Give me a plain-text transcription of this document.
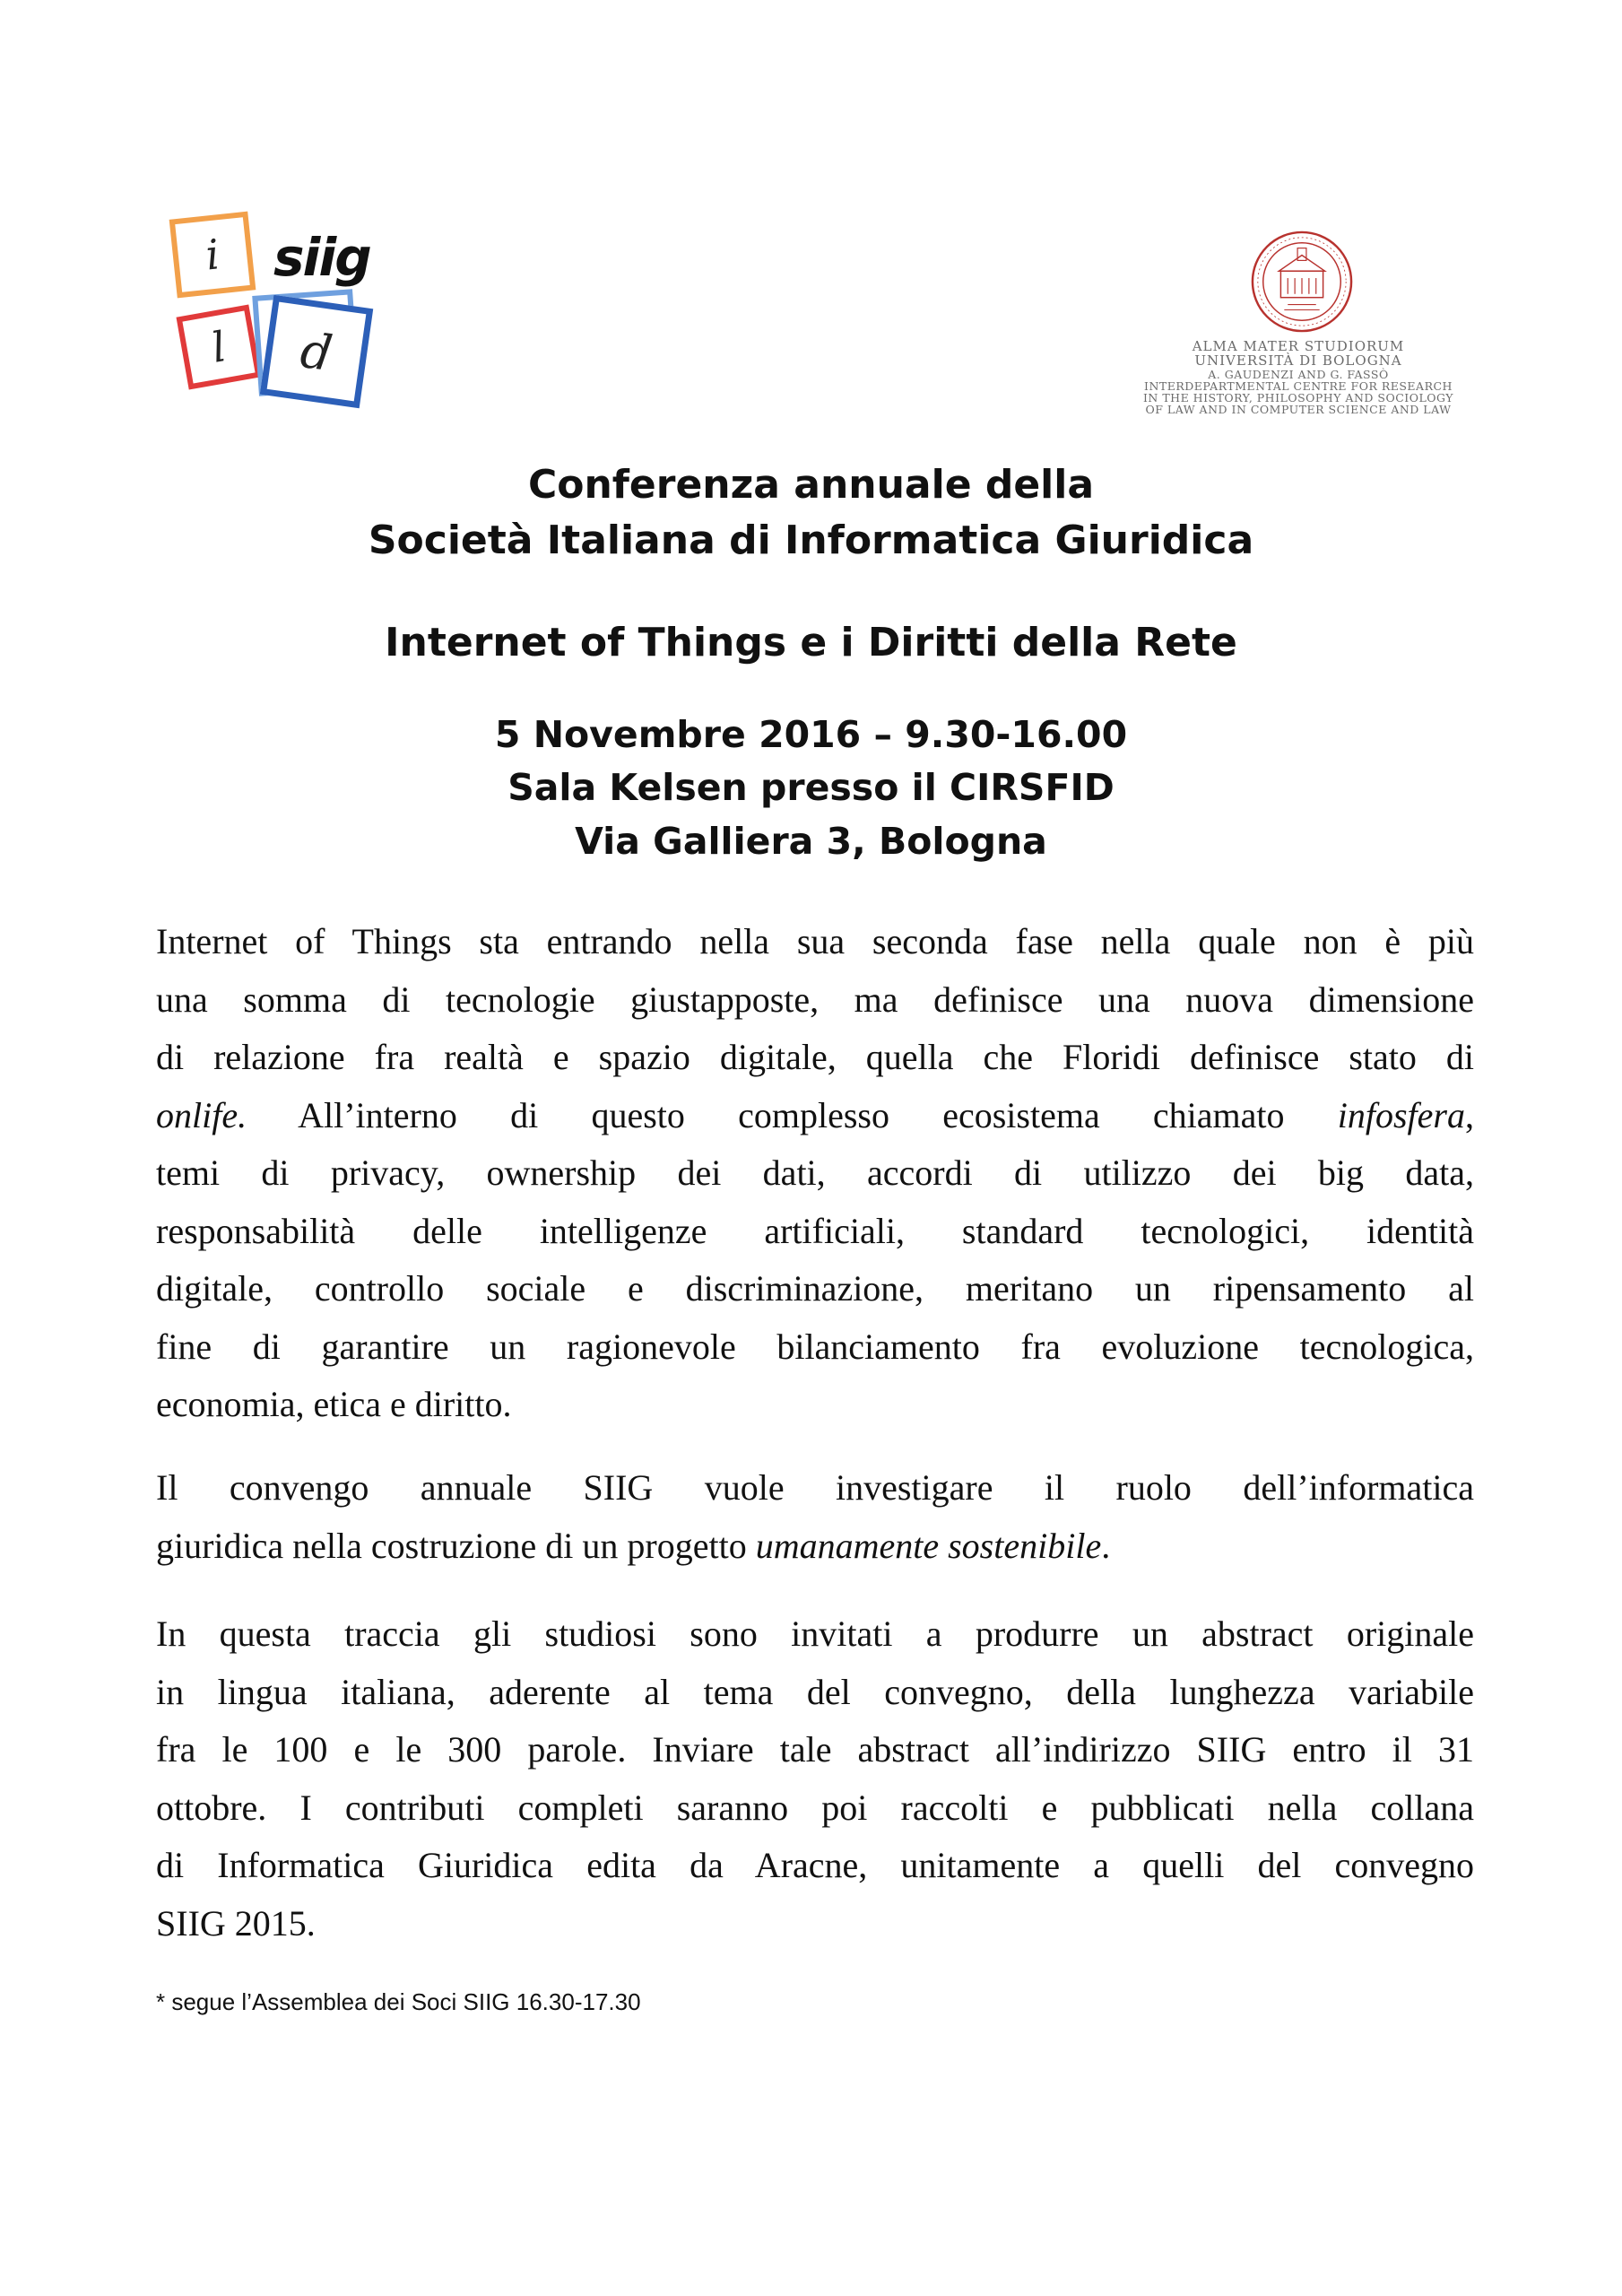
i
l d
siig
ALMA MATER STUDIORUM
UNIVERSITÀ DI BOLOGNA
A. GAUDENZI AND G. FASSÒ
INTERDEPARTMENTAL CENTRE FOR RESEARCH
IN THE HISTORY, PHILOSOPHY AND SOCIOLOGY
OF LAW AND IN COMPUTER SCIENCE AND LAW
Conferenza annuale della
Società Italiana di Informatica Giuridica
Internet of Things e i Diritti della Rete
5 Novembre 2016 – 9.30-16.00
Sala Kelsen presso il CIRSFID
Via Galliera 3, Bologna
Internet of Things sta entrando nella sua seconda fase nella quale non è più
una somma di tecnologie giustapposte, ma definisce una nuova dimensione
di relazione fra realtà e spazio digitale, quella che Floridi definisce stato di
onlife. All’interno di questo complesso ecosistema chiamato infosfera,
temi di privacy, ownership dei dati, accordi di utilizzo dei big data,
responsabilità delle intelligenze artificiali, standard tecnologici, identità
digitale, controllo sociale e discriminazione, meritano un ripensamento al
fine di garantire un ragionevole bilanciamento fra evoluzione tecnologica,
economia, etica e diritto.
Il convengo annuale SIIG vuole investigare il ruolo dell’informatica
giuridica nella costruzione di un progetto umanamente sostenibile.
In questa traccia gli studiosi sono invitati a produrre un abstract originale
in lingua italiana, aderente al tema del convegno, della lunghezza variabile
fra le 100 e le 300 parole. Inviare tale abstract all’indirizzo SIIG entro il 31
ottobre. I contributi completi saranno poi raccolti e pubblicati nella collana
di Informatica Giuridica edita da Aracne, unitamente a quelli del convegno
SIIG 2015.
* segue l’Assemblea dei Soci SIIG 16.30-17.30
